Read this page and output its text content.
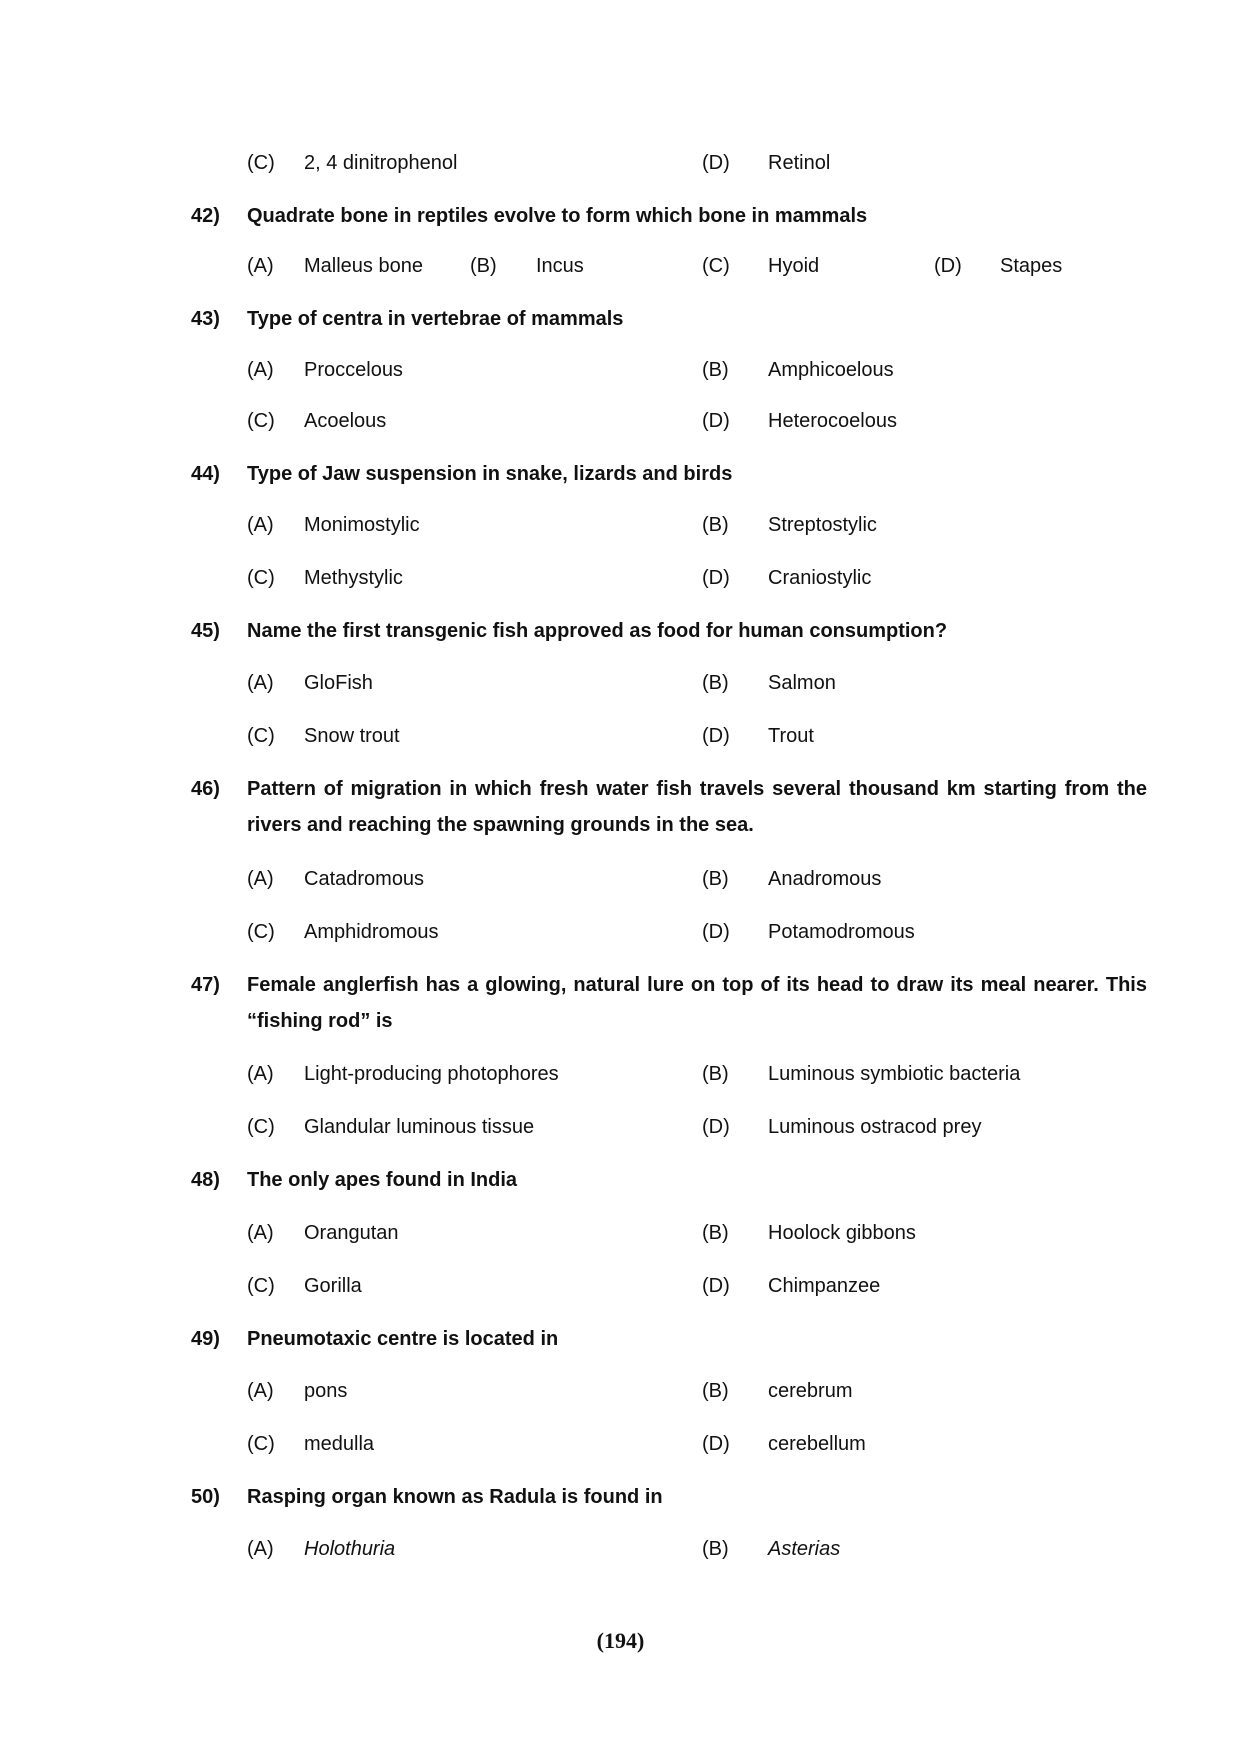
(C) 2, 4 dinitrophenol	(D) Retinol
42) Quadrate bone in reptiles evolve to form which bone in mammals
(A) Malleus bone (B) Incus	(C) Hyoid	(D) Stapes
43) Type of centra in vertebrae of mammals
(A) Proccelous	(B) Amphicoelous
(C) Acoelous	(D) Heterocoelous
44) Type of Jaw suspension in snake, lizards and birds
(A) Monimostylic	(B) Streptostylic
(C) Methystylic	(D) Craniostylic
45) Name the first transgenic fish approved as food for human consumption?
(A) GloFish	(B) Salmon
(C) Snow trout	(D) Trout
46) Pattern of migration in which fresh water fish travels several thousand km starting from the rivers and reaching the spawning grounds in the sea.
(A) Catadromous	(B) Anadromous
(C) Amphidromous	(D) Potamodromous
47) Female anglerfish has a glowing, natural lure on top of its head to draw its meal nearer. This “fishing rod” is
(A) Light-producing photophores	(B) Luminous symbiotic bacteria
(C) Glandular luminous tissue	(D) Luminous ostracod prey
48) The only apes found in India
(A) Orangutan	(B) Hoolock gibbons
(C) Gorilla	(D) Chimpanzee
49) Pneumotaxic centre is located in
(A) pons	(B) cerebrum
(C) medulla	(D) cerebellum
50) Rasping organ known as Radula is found in
(A) Holothuria	(B) Asterias
(194)
